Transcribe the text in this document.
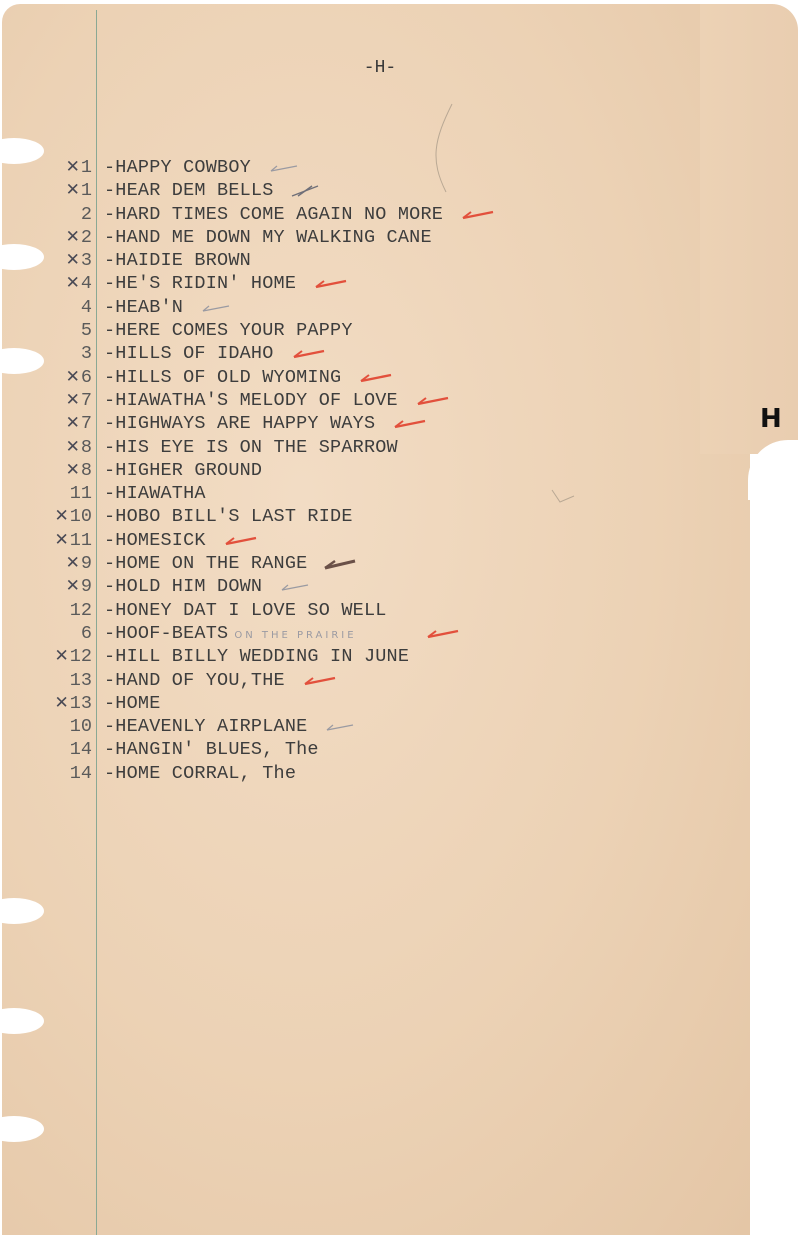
-H-
H
1
✕ -HAPPY COWBOY
1
✕ -HEAR DEM BELLS
2 -HARD TIMES COME AGAIN NO MORE
2
✕ -HAND ME DOWN MY WALKING CANE
3
✕ -HAIDIE BROWN
4
✕ -HE'S RIDIN' HOME
4 -HEAB'N
5 -HERE COMES YOUR PAPPY
3 -HILLS OF IDAHO
6
✕ -HILLS OF OLD WYOMING
7
✕ -HIAWATHA'S MELODY OF LOVE
7
✕ -HIGHWAYS ARE HAPPY WAYS
8
✕ -HIS EYE IS ON THE SPARROW
8
✕ -HIGHER GROUND
11 -HIAWATHA
10
✕ -HOBO BILL'S LAST RIDE
11
✕ -HOMESICK
9
✕ -HOME ON THE RANGE
9
✕ -HOLD HIM DOWN
12 -HONEY DAT I LOVE SO WELL
6 -HOOF-BEATS ON THE PRAIRIE
12
✕ -HILL BILLY WEDDING IN JUNE
13 -HAND OF YOU,THE
13
✕ -HOME
10 -HEAVENLY AIRPLANE
14 -HANGIN' BLUES, The
14 -HOME CORRAL, The
